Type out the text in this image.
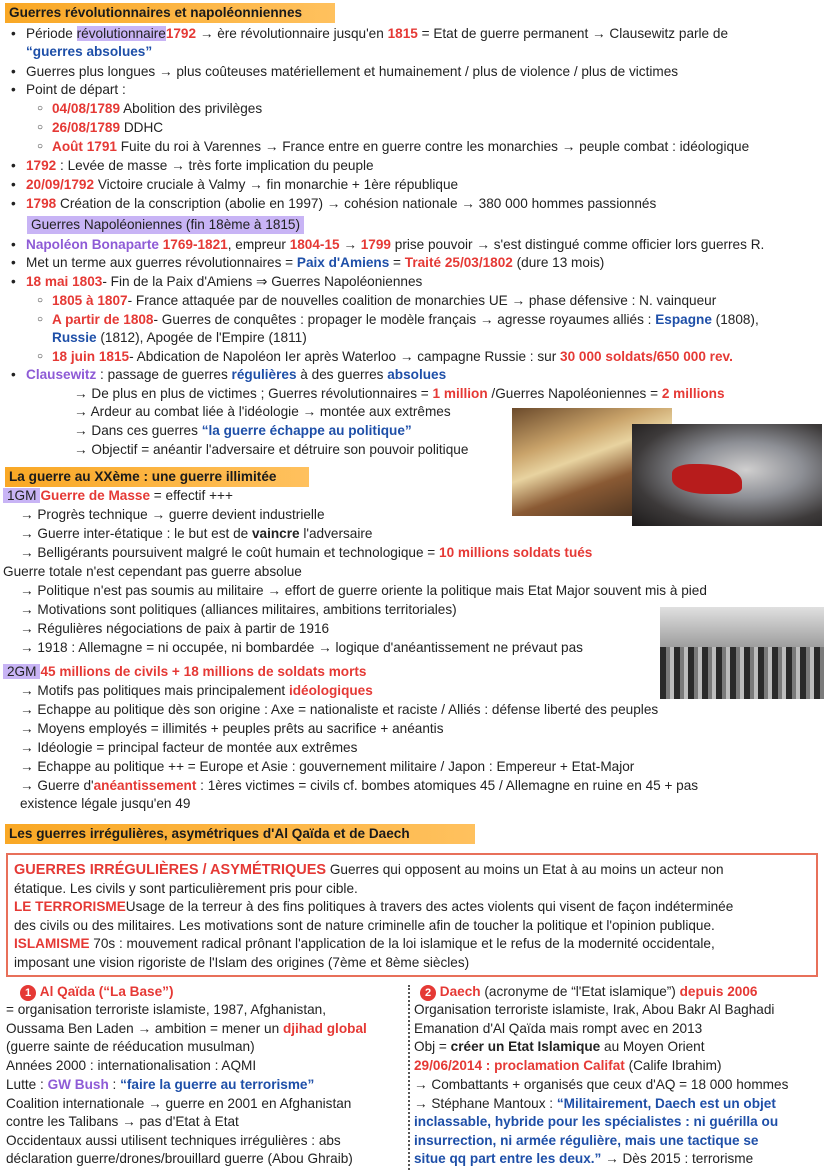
Guerres révolutionnaires et napoléonniennes
• Période révolutionnaire1792 → ère révolutionnaire jusqu'en 1815 = Etat de guerre permanent → Clausewitz parle de
“guerres absolues”
• Guerres plus longues → plus coûteuses matériellement et humainement / plus de violence / plus de victimes
• Point de départ :
○ 04/08/1789 Abolition des privilèges
○ 26/08/1789 DDHC
○ Août 1791 Fuite du roi à Varennes → France entre en guerre contre les monarchies → peuple combat : idéologique
• 1792 : Levée de masse → très forte implication du peuple
• 20/09/1792 Victoire cruciale à Valmy → fin monarchie + 1ère république
• 1798 Création de la conscription (abolie en 1997) → cohésion nationale → 380 000 hommes passionnés
Guerres Napoléoniennes (fin 18ème à 1815)
• Napoléon Bonaparte 1769-1821, empreur 1804-15 → 1799 prise pouvoir → s'est distingué comme officier lors guerres R.
• Met un terme aux guerres révolutionnaires = Paix d'Amiens = Traité 25/03/1802 (dure 13 mois)
• 18 mai 1803- Fin de la Paix d'Amiens ⇒ Guerres Napoléoniennes
○ 1805 à 1807- France attaquée par de nouvelles coalition de monarchies UE → phase défensive : N. vainqueur
○ A partir de 1808- Guerres de conquêtes : propager le modèle français → agresse royaumes alliés : Espagne (1808),
Russie (1812), Apogée de l'Empire (1811)
○ 18 juin 1815- Abdication de Napoléon Ier après Waterloo → campagne Russie : sur 30 000 soldats/650 000 rev.
• Clausewitz : passage de guerres régulières à des guerres absolues
→ De plus en plus de victimes ; Guerres révolutionnaires = 1 million /Guerres Napoléoniennes = 2 millions
→ Ardeur au combat liée à l'idéologie → montée aux extrêmes
→ Dans ces guerres “la guerre échappe au politique”
→ Objectif = anéantir l'adversaire et détruire son pouvoir politique
La guerre au XXème : une guerre illimitée
1GM Guerre de Masse = effectif +++
→ Progrès technique → guerre devient industrielle
→ Guerre inter-étatique : le but est de vaincre l'adversaire
→ Belligérants poursuivent malgré le coût humain et technologique = 10 millions soldats tués
Guerre totale n'est cependant pas guerre absolue
→ Politique n'est pas soumis au militaire → effort de guerre oriente la politique mais Etat Major souvent mis à pied
→ Motivations sont politiques (alliances militaires, ambitions territoriales)
→ Régulières négociations de paix à partir de 1916
→ 1918 : Allemagne = ni occupée, ni bombardée → logique d'anéantissement ne prévaut pas
2GM 45 millions de civils + 18 millions de soldats morts
→ Motifs pas politiques mais principalement idéologiques
→ Echappe au politique dès son origine : Axe = nationaliste et raciste / Alliés : défense liberté des peuples
→ Moyens employés = illimités + peuples prêts au sacrifice + anéantis
→ Idéologie = principal facteur de montée aux extrêmes
→ Echappe au politique ++ = Europe et Asie : gouvernement militaire / Japon : Empereur + Etat-Major
→ Guerre d'anéantissement : 1ères victimes = civils cf. bombes atomiques 45 / Allemagne en ruine en 45 + pas
existence légale jusqu'en 49
Les guerres irrégulières, asymétriques d'Al Qaïda et de Daech
GUERRES IRRÉGULIÈRES / ASYMÉTRIQUES Guerres qui opposent au moins un Etat à au moins un acteur non
étatique. Les civils y sont particulièrement pris pour cible.
LE TERRORISMEUsage de la terreur à des fins politiques à travers des actes violents qui visent de façon indéterminée
des civils ou des militaires. Les motivations sont de nature criminelle afin de toucher la politique et l'opinion publique.
ISLAMISME 70s : mouvement radical prônant l'application de la loi islamique et le refus de la modernité occidentale,
imposant une vision rigoriste de l'Islam des origines (7ème et 8ème siècles)
1 Al Qaïda (“La Base”)
= organisation terroriste islamiste, 1987, Afghanistan,
Oussama Ben Laden → ambition = mener un djihad global
(guerre sainte de rééducation musulman)
Années 2000 : internationalisation : AQMI
Lutte : GW Bush : “faire la guerre au terrorisme”
Coalition internationale → guerre en 2001 en Afghanistan
contre les Talibans → pas d'Etat à Etat
Occidentaux aussi utilisent techniques irrégulières : abs
déclaration guerre/drones/brouillard guerre (Abou Ghraib)
2 Daech (acronyme de “l'Etat islamique”) depuis 2006
Organisation terroriste islamiste, Irak, Abou Bakr Al Baghadi
Emanation d'Al Qaïda mais rompt avec en 2013
Obj = créer un Etat Islamique au Moyen Orient
29/06/2014 : proclamation Califat (Calife Ibrahim)
→ Combattants + organisés que ceux d'AQ = 18 000 hommes
→ Stéphane Mantoux : “Militairement, Daech est un objet
inclassable, hybride pour les spécialistes : ni guérilla ou
insurrection, ni armée régulière, mais une tactique se
situe qq part entre les deux.” → Dès 2015 : terrorisme
